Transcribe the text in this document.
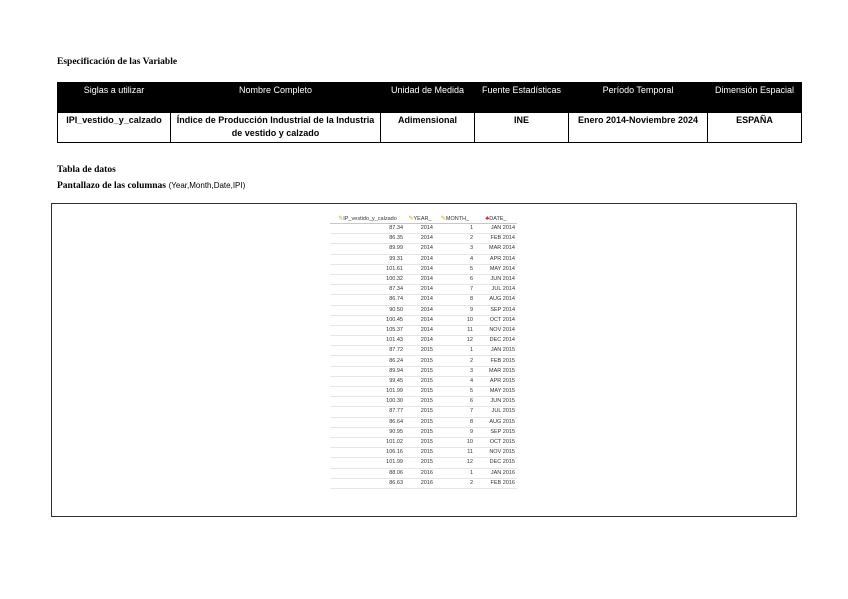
Especificación de las Variable
Siglas a utilizar	Nombre Completo	Unidad de Medida	Fuente Estadísticas	Período Temporal	Dimensión Espacial
IPI_vestido_y_calzado	Índice de Producción Industrial de la Industria de vestido y calzado	Adimensional	INE	Enero 2014-Noviembre 2024	ESPAÑA
Tabla de datos
Pantallazo de las columnas (Year,Month,Date,IPI)
✎IP_vestido_y_calzado	✎YEAR_	✎MONTH_	♣DATE_
87.34	2014	1	JAN 2014
86.35	2014	2	FEB 2014
89.99	2014	3	MAR 2014
99.31	2014	4	APR 2014
101.61	2014	5	MAY 2014
100.32	2014	6	JUN 2014
87.34	2014	7	JUL 2014
86.74	2014	8	AUG 2014
90.50	2014	9	SEP 2014
100.45	2014	10	OCT 2014
105.37	2014	11	NOV 2014
101.43	2014	12	DEC 2014
87.72	2015	1	JAN 2015
86.24	2015	2	FEB 2015
89.94	2015	3	MAR 2015
99.45	2015	4	APR 2015
101.99	2015	5	MAY 2015
100.30	2015	6	JUN 2015
87.77	2015	7	JUL 2015
86.64	2015	8	AUG 2015
90.95	2015	9	SEP 2015
101.02	2015	10	OCT 2015
106.16	2015	11	NOV 2015
101.99	2015	12	DEC 2015
88.06	2016	1	JAN 2016
86.63	2016	2	FEB 2016
